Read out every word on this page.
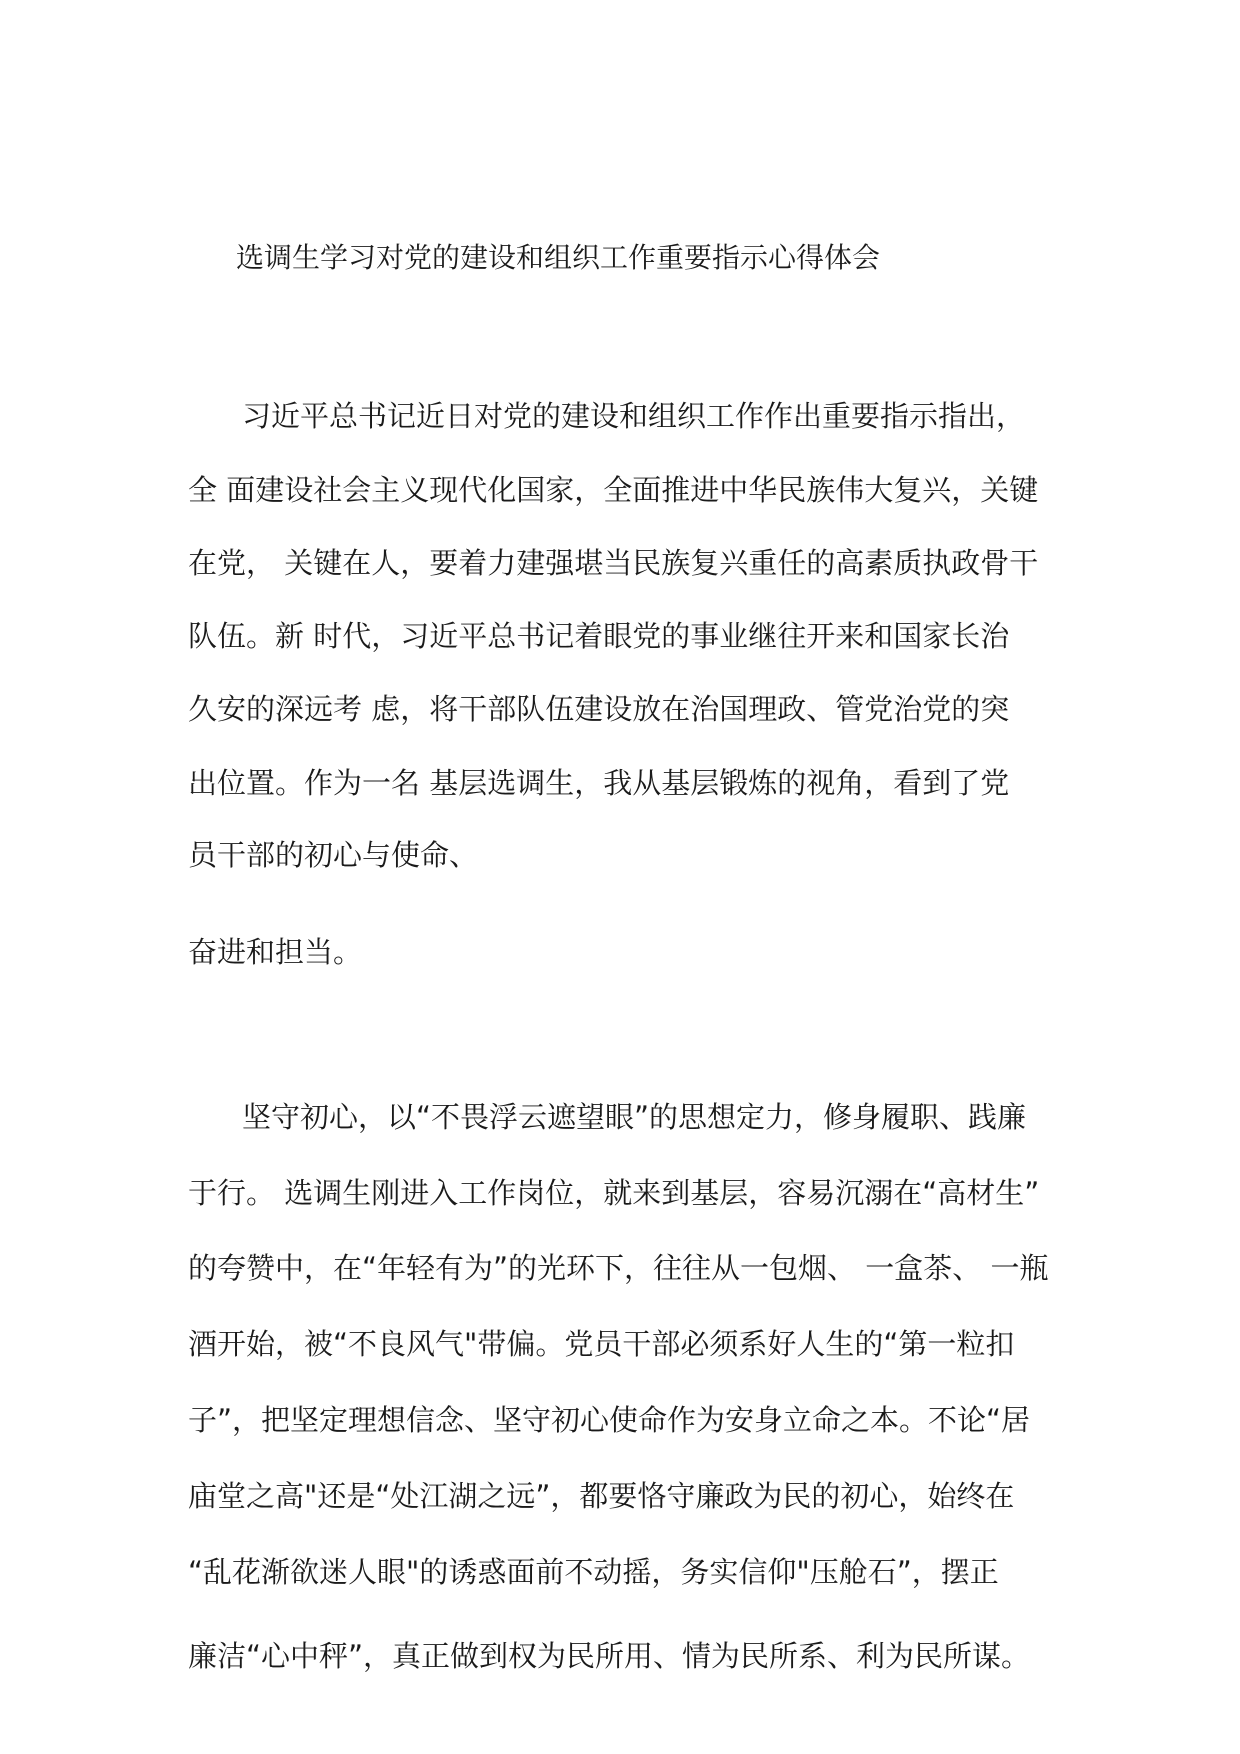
选调生学习对党的建设和组织工作重要指示心得体会
习近平总书记近日对党的建设和组织工作作出重要指示指出，
全 面建设社会主义现代化国家，全面推进中华民族伟大复兴，关键
在党， 关键在人，要着力建强堪当民族复兴重任的高素质执政骨干
队伍。新 时代，习近平总书记着眼党的事业继往开来和国家长治
久安的深远考 虑，将干部队伍建设放在治国理政、管党治党的突
出位置。作为一名 基层选调生，我从基层锻炼的视角，看到了党
员干部的初心与使命、
奋进和担当。
坚守初心，以“不畏浮云遮望眼”的思想定力，修身履职、践廉
于行。 选调生刚进入工作岗位，就来到基层，容易沉溺在“高材生”
的夸赞中，在“年轻有为”的光环下，往往从一包烟、 一盒茶、 一瓶
酒开始，被“不良风气"带偏。党员干部必须系好人生的“第一粒扣
子”，把坚定理想信念、坚守初心使命作为安身立命之本。不论“居
庙堂之高"还是“处江湖之远”，都要恪守廉政为民的初心，始终在
“乱花渐欲迷人眼"的诱惑面前不动摇，务实信仰"压舱石”，摆正
廉洁“心中秤”，真正做到权为民所用、情为民所系、利为民所谋。
